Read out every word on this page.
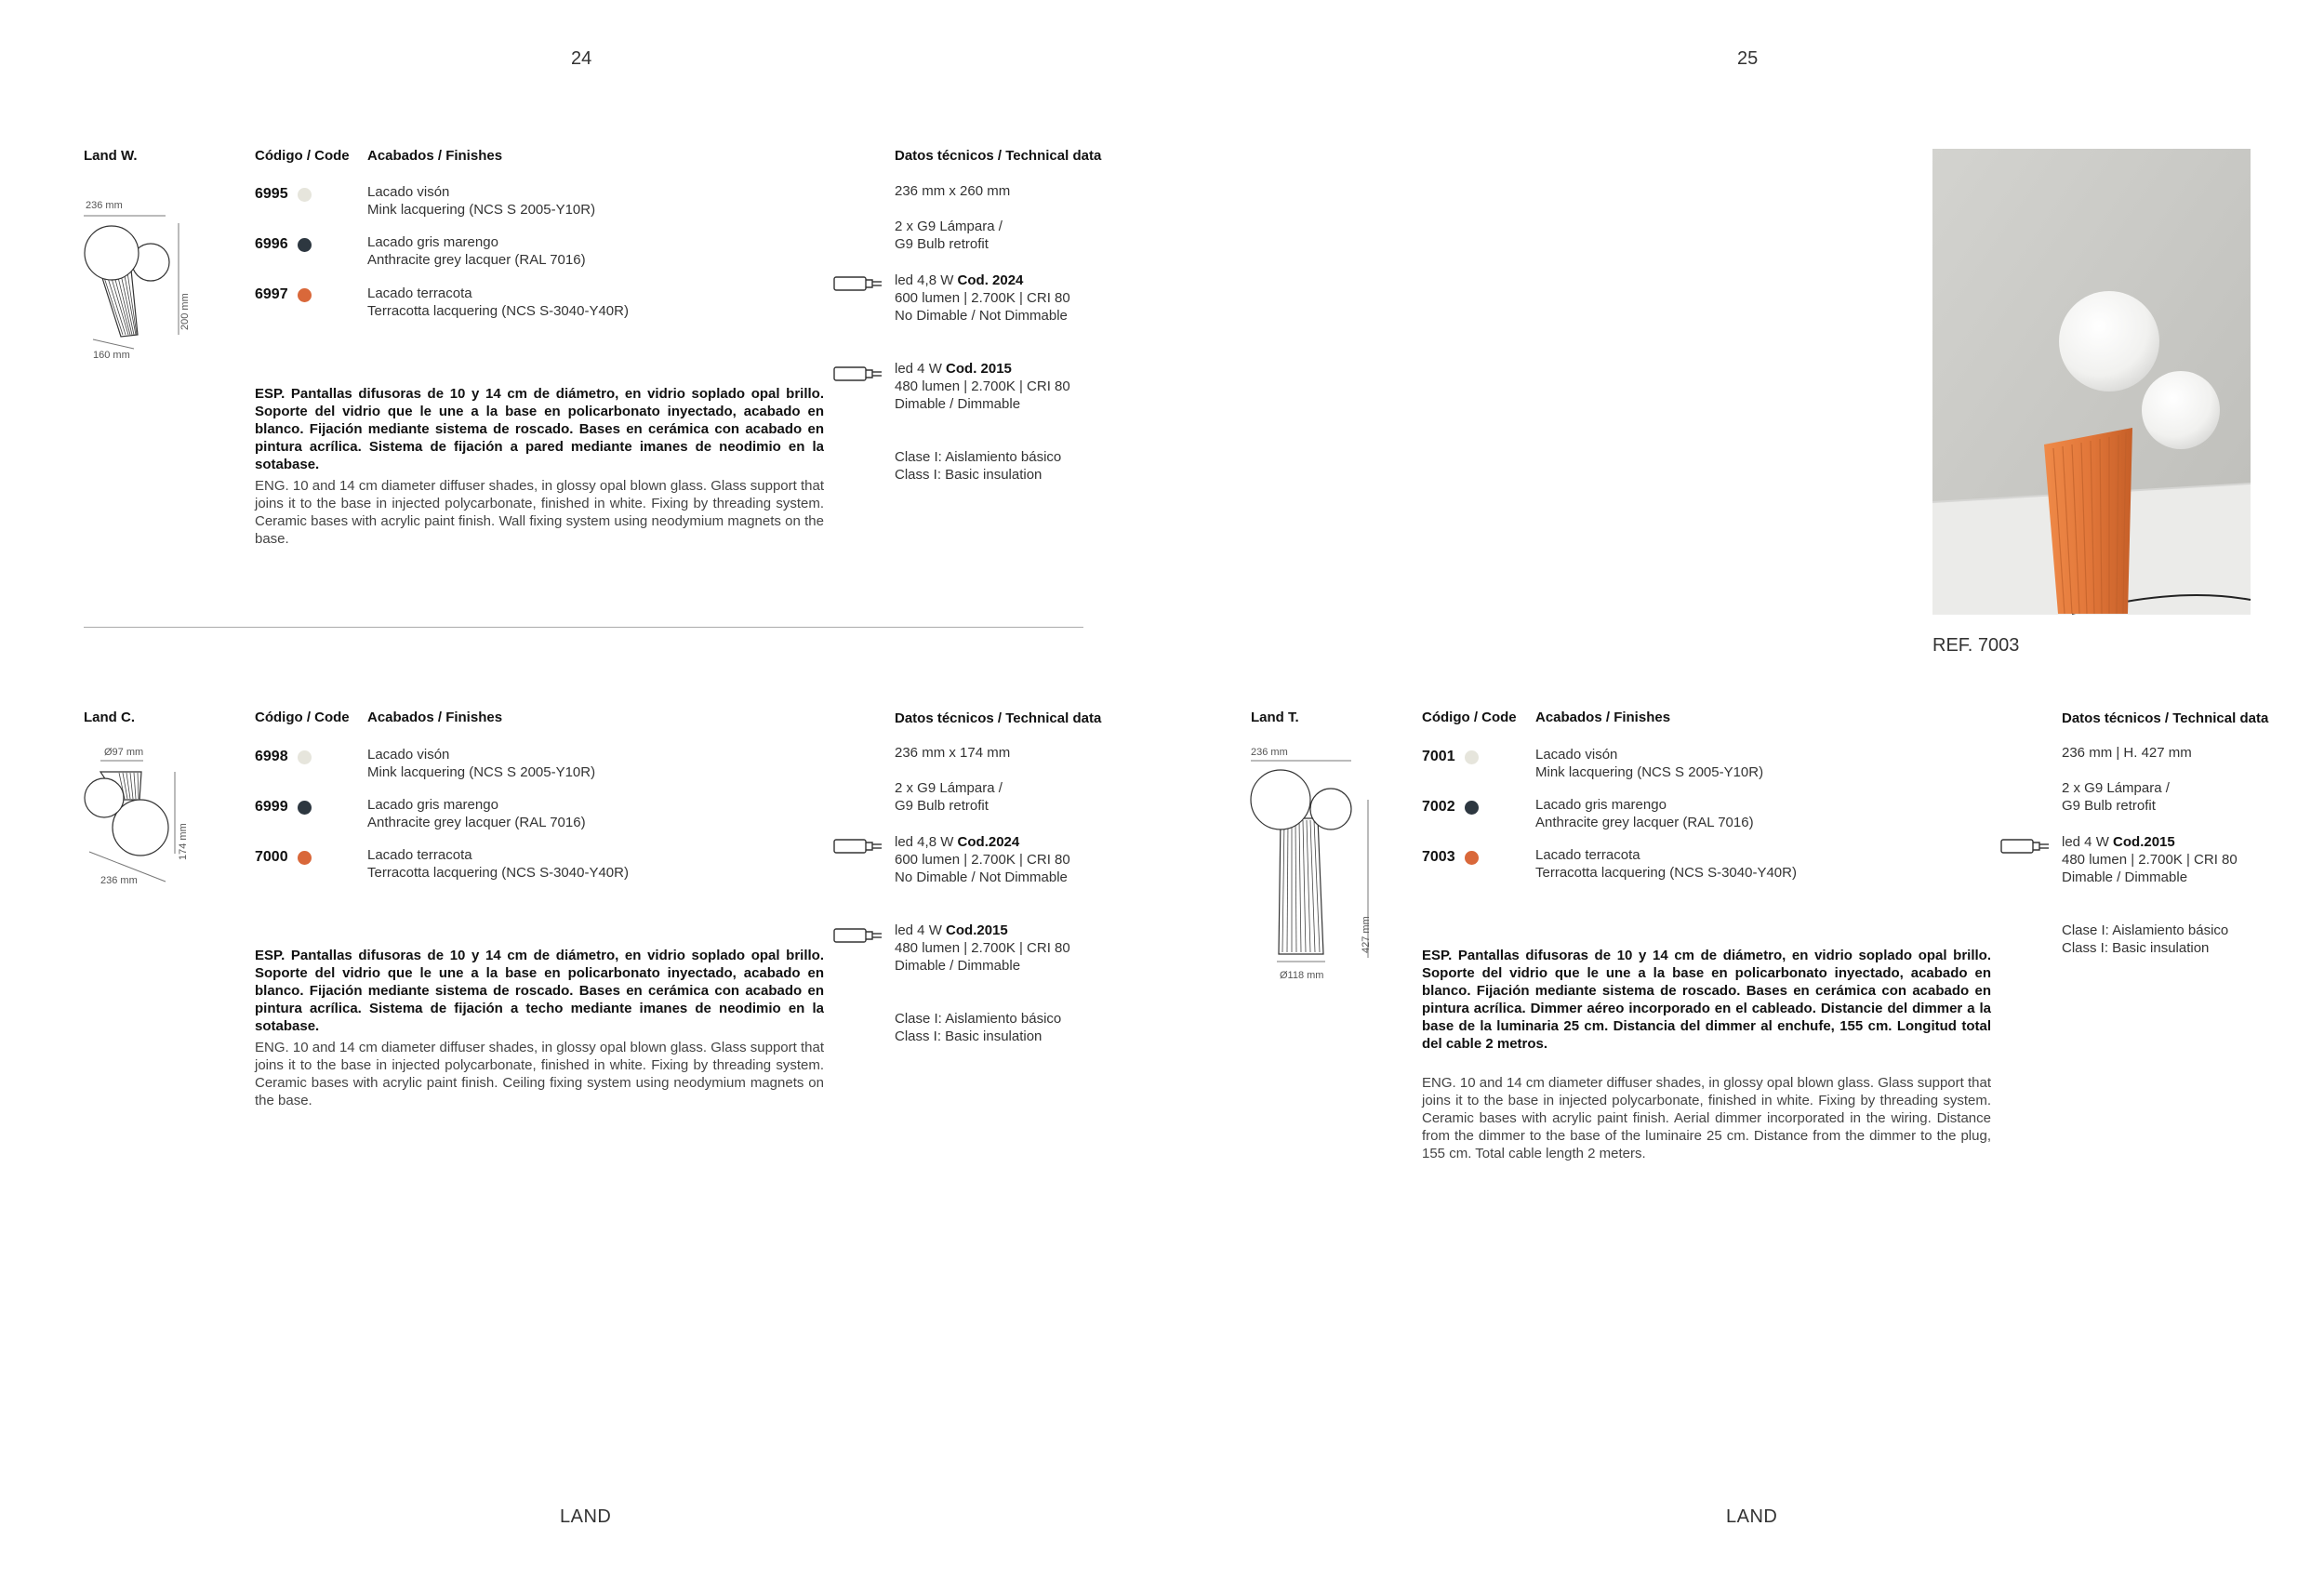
24	25
Land W.	Código / Code Acabados / Finishes	Datos técnicos / Technical data
236 mm
200 mm
160 mm
6995	Lacado visón
Mink lacquering (NCS S 2005-Y10R)
6996	Lacado gris marengo
Anthracite grey lacquer (RAL 7016)
6997	Lacado terracota
Terracotta lacquering (NCS S-3040-Y40R)
236 mm x 260 mm
2 x G9 Lámpara /
G9 Bulb retrofit
led 4,8 W Cod. 2024
600 lumen | 2.700K | CRI 80
No Dimable / Not Dimmable
led 4 W Cod. 2015
480 lumen | 2.700K | CRI 80
Dimable / Dimmable
Clase I: Aislamiento básico
Class I: Basic insulation
ESP. Pantallas difusoras de 10 y 14 cm de diámetro, en vidrio soplado opal brillo. Soporte del vidrio que le une a la base en policarbonato inyectado, acabado en blanco. Fijación mediante sistema de roscado. Bases en cerámica con acabado en pintura acrílica. Sistema de fijación a pared mediante imanes de neodimio en la sotabase.
ENG. 10 and 14 cm diameter diffuser shades, in glossy opal blown glass. Glass support that joins it to the base in injected polycarbonate, finished in white. Fixing by threading system. Ceramic bases with acrylic paint finish. Wall fixing system using neodymium magnets on the base.
REF. 7003
Land C.	Código / Code Acabados / Finishes	Datos técnicos / Technical data
Ø97 mm
174 mm
236 mm
6998	Lacado visón
Mink lacquering (NCS S 2005-Y10R)
6999	Lacado gris marengo
Anthracite grey lacquer (RAL 7016)
7000	Lacado terracota
Terracotta lacquering (NCS S-3040-Y40R)
236 mm x 174 mm
2 x G9 Lámpara /
G9 Bulb retrofit
led 4,8 W Cod.2024
600 lumen | 2.700K | CRI 80
No Dimable / Not Dimmable
led 4 W Cod.2015
480 lumen | 2.700K | CRI 80
Dimable / Dimmable
Clase I: Aislamiento básico
Class I: Basic insulation
ESP. Pantallas difusoras de 10 y 14 cm de diámetro, en vidrio soplado opal brillo. Soporte del vidrio que le une a la base en policarbonato inyectado, acabado en blanco. Fijación mediante sistema de roscado. Bases en cerámica con acabado en pintura acrílica. Sistema de fijación a techo mediante imanes de neodimio en la sotabase.
ENG. 10 and 14 cm diameter diffuser shades, in glossy opal blown glass. Glass support that joins it to the base in injected polycarbonate, finished in white. Fixing by threading system. Ceramic bases with acrylic paint finish. Ceiling fixing system using neodymium magnets on the base.
Land T.	Código / Code Acabados / Finishes	Datos técnicos / Technical data
236 mm
427 mm
Ø118 mm
7001	Lacado visón
Mink lacquering (NCS S 2005-Y10R)
7002	Lacado gris marengo
Anthracite grey lacquer (RAL 7016)
7003	Lacado terracota
Terracotta lacquering (NCS S-3040-Y40R)
236 mm | H. 427 mm
2 x G9 Lámpara /
G9 Bulb retrofit
led 4 W Cod.2015
480 lumen | 2.700K | CRI 80
Dimable / Dimmable
Clase I: Aislamiento básico
Class I: Basic insulation
ESP. Pantallas difusoras de 10 y 14 cm de diámetro, en vidrio soplado opal brillo. Soporte del vidrio que le une a la base en policarbonato inyectado, acabado en blanco. Fijación mediante sistema de roscado. Bases en cerámica con acabado en pintura acrílica. Dimmer aéreo incorporado en el cableado. Distancie del dimmer a la base de la luminaria 25 cm. Distancia del dimmer al enchufe, 155 cm. Longitud total del cable 2 metros.
ENG. 10 and 14 cm diameter diffuser shades, in glossy opal blown glass. Glass support that joins it to the base in injected polycarbonate, finished in white. Fixing by threading system. Ceramic bases with acrylic paint finish. Aerial dimmer incorporated in the wiring. Distance from the dimmer to the base of the luminaire 25 cm. Distance from the dimmer to the plug, 155 cm. Total cable length 2 meters.
LAND	LAND
